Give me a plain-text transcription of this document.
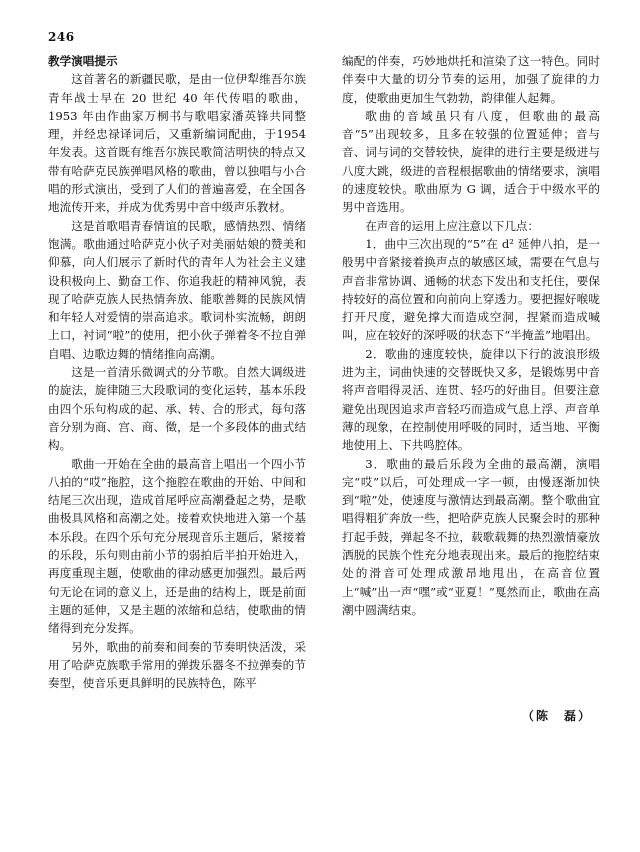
246
教学演唱提示

这首著名的新疆民歌，是由一位伊犁维吾尔族青年战士早在 20 世纪 40 年代传唱的歌曲，1953 年由作曲家万桐书与歌唱家潘英锋共同整理，并经忠禄译词后，又重新编词配曲，于1954年发表。这首既有维吾尔族民歌简洁明快的特点又带有哈萨克民族弹唱风格的歌曲，曾以独唱与小合唱的形式演出，受到了人们的普遍喜爱，在全国各地流传开来，并成为优秀男中音中级声乐教材。

这是首歌唱青春情谊的民歌，感情热烈、情绪饱满。歌曲通过哈萨克小伙子对美丽姑娘的赞美和仰慕，向人们展示了新时代的青年人为社会主义建设积极向上、勤奋工作、你追我赶的精神风貌，表现了哈萨克族人民热情奔放、能歌善舞的民族风情和年轻人对爱情的崇高追求。歌词朴实流畅，朗朗上口，衬词“啦”的使用，把小伙子弹着冬不拉自弹自唱、边歌边舞的情绪推向高潮。

这是一首清乐微调式的分节歌。自然大调级进的旋法，旋律随三大段歌词的变化运转，基本乐段由四个乐句构成的起、承、转、合的形式，每句落音分别为商、宫、商、徵，是一个多段体的曲式结构。

歌曲一开始在全曲的最高音上唱出一个四小节八拍的“哎”拖腔，这个拖腔在歌曲的开始、中间和结尾三次出现，造成首尾呼应高潮叠起之势，是歌曲极具风格和高潮之处。接着欢快地进入第一个基本乐段。在四个乐句充分展现音乐主题后，紧接着的乐段，乐句则由前小节的弱拍后半拍开始进入，再度重现主题，使歌曲的律动感更加强烈。最后两句无论在词的意义上，还是曲的结构上，既是前面主题的延伸，又是主题的浓缩和总结，使歌曲的情绪得到充分发挥。

另外，歌曲的前奏和间奏的节奏明快活泼，采用了哈萨克族歌手常用的弹拨乐器冬不拉弹奏的节奏型，使音乐更具鲜明的民族特色，陈平

编配的伴奏，巧妙地烘托和渲染了这一特色。同时伴奏中大量的切分节奏的运用，加强了旋律的力度，使歌曲更加生气勃勃，韵律催人起舞。

歌曲的音域虽只有八度，但歌曲的最高音“5”出现较多，且多在较强的位置延伸；音与音、词与词的交替较快，旋律的进行主要是级进与八度大跳，级进的音程根据歌曲的情绪要求，演唱的速度较快。歌曲原为 G 调，适合于中级水平的男中音选用。

在声音的运用上应注意以下几点：

1．曲中三次出现的“5”在 d² 延伸八拍，是一般男中音紧接着换声点的敏感区域，需要在气息与声音非常协调、通畅的状态下发出和支托住，要保持较好的高位置和向前向上穿透力。要把握好喉咙打开尺度，避免撑大而造成空洞，捏紧而造成喊叫，应在较好的深呼吸的状态下“半掩盖”地唱出。

2．歌曲的速度较快，旋律以下行的波浪形级进为主，词曲快速的交替既快又多，是锻炼男中音将声音唱得灵活、连贯、轻巧的好曲目。但要注意避免出现因追求声音轻巧而造成气息上浮、声音单薄的现象，在控制使用呼吸的同时，适当地、平衡地使用上、下共鸣腔体。

3．歌曲的最后乐段为全曲的最高潮，演唱完“哎”以后，可处理成一字一顿，由慢逐渐加快到“啦”处，使速度与激情达到最高潮。整个歌曲宜唱得粗犷奔放一些，把哈萨克族人民聚会时的那种打起手鼓，弹起冬不拉，载歌载舞的热烈激情豪放洒脱的民族个性充分地表现出来。最后的拖腔结束处的滑音可处理成激昂地甩出，在高音位置上“喊”出一声“嘿”或“亚夏！”戛然而止，歌曲在高潮中圆满结束。

（陈　磊）
